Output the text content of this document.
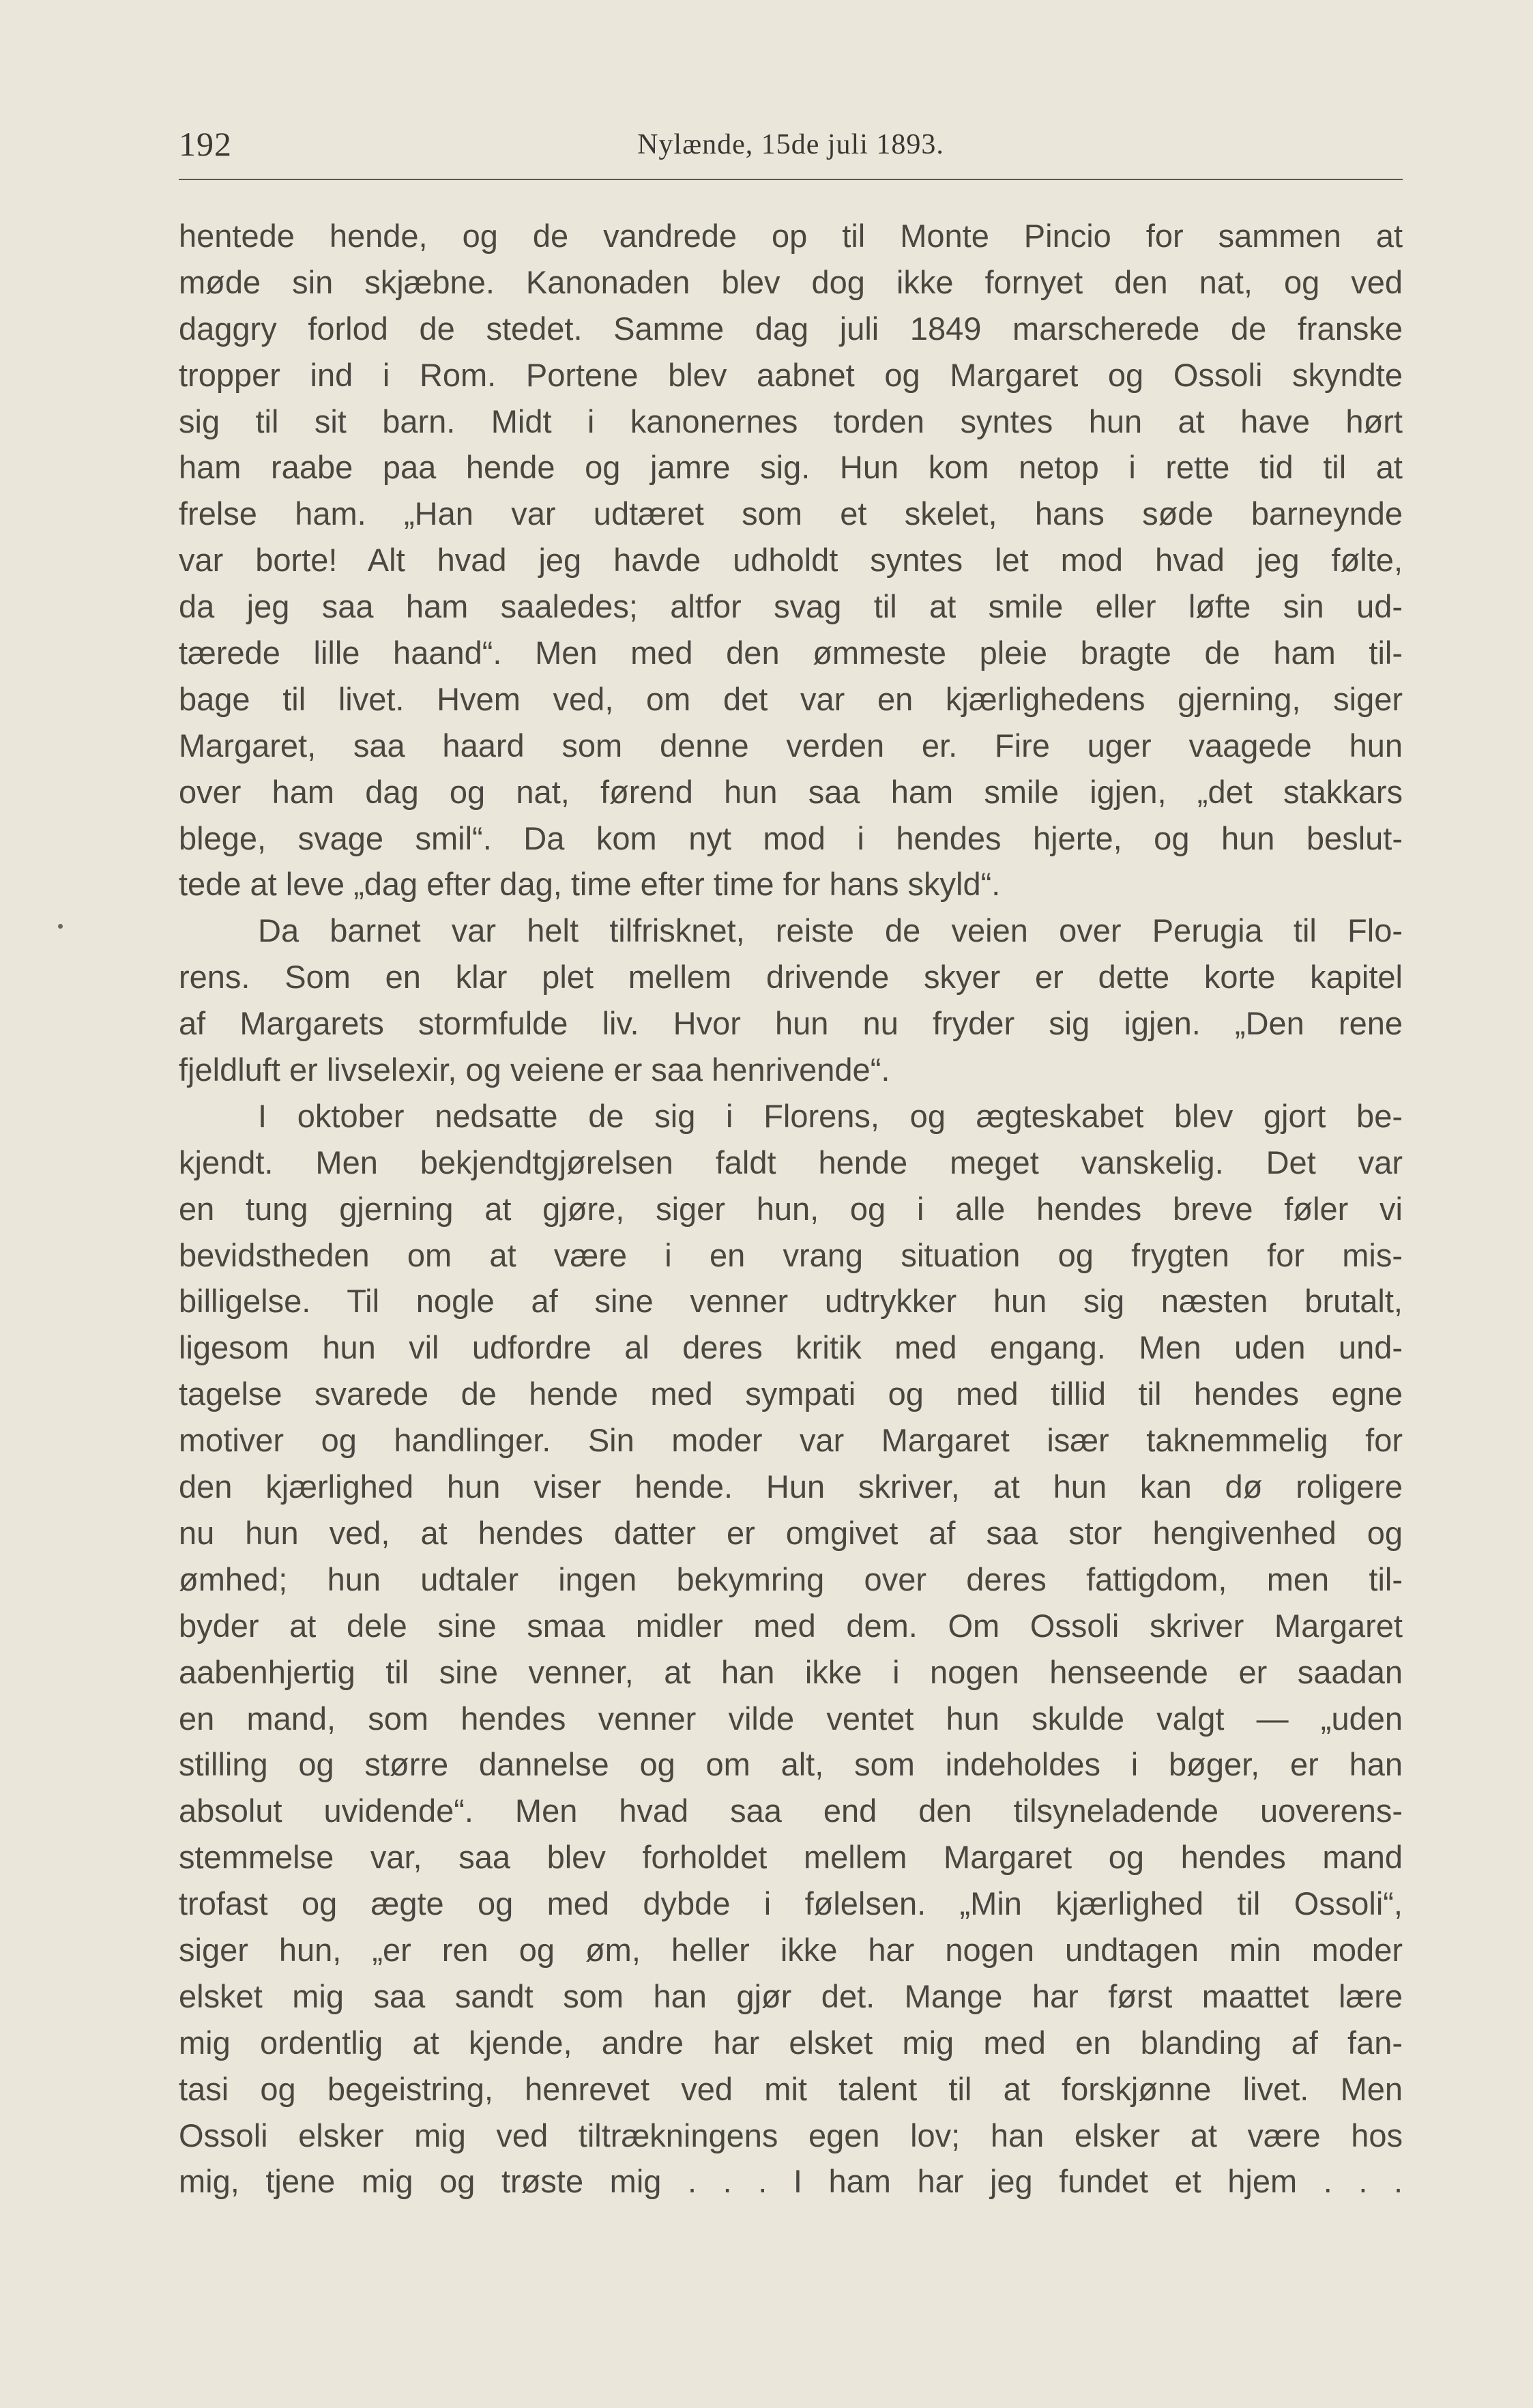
192	Nylænde, 15de juli 1893.
hentede hende, og de vandrede op til Monte Pincio for sammen at
møde sin skjæbne. Kanonaden blev dog ikke fornyet den nat, og ved
daggry forlod de stedet. Samme dag juli 1849 marscherede de franske
tropper ind i Rom. Portene blev aabnet og Margaret og Ossoli skyndte
sig til sit barn. Midt i kanonernes torden syntes hun at have hørt
ham raabe paa hende og jamre sig. Hun kom netop i rette tid til at
frelse ham. „Han var udtæret som et skelet, hans søde barneynde
var borte! Alt hvad jeg havde udholdt syntes let mod hvad jeg følte,
da jeg saa ham saaledes; altfor svag til at smile eller løfte sin ud-
tærede lille haand“. Men med den ømmeste pleie bragte de ham til-
bage til livet. Hvem ved, om det var en kjærlighedens gjerning, siger
Margaret, saa haard som denne verden er. Fire uger vaagede hun
over ham dag og nat, førend hun saa ham smile igjen, „det stakkars
blege, svage smil“. Da kom nyt mod i hendes hjerte, og hun beslut-
tede at leve „dag efter dag, time efter time for hans skyld“.
Da barnet var helt tilfrisknet, reiste de veien over Perugia til Flo-
rens. Som en klar plet mellem drivende skyer er dette korte kapitel
af Margarets stormfulde liv. Hvor hun nu fryder sig igjen. „Den rene
fjeldluft er livselexir, og veiene er saa henrivende“.
I oktober nedsatte de sig i Florens, og ægteskabet blev gjort be-
kjendt. Men bekjendtgjørelsen faldt hende meget vanskelig. Det var
en tung gjerning at gjøre, siger hun, og i alle hendes breve føler vi
bevidstheden om at være i en vrang situation og frygten for mis-
billigelse. Til nogle af sine venner udtrykker hun sig næsten brutalt,
ligesom hun vil udfordre al deres kritik med engang. Men uden und-
tagelse svarede de hende med sympati og med tillid til hendes egne
motiver og handlinger. Sin moder var Margaret især taknemmelig for
den kjærlighed hun viser hende. Hun skriver, at hun kan dø roligere
nu hun ved, at hendes datter er omgivet af saa stor hengivenhed og
ømhed; hun udtaler ingen bekymring over deres fattigdom, men til-
byder at dele sine smaa midler med dem. Om Ossoli skriver Margaret
aabenhjertig til sine venner, at han ikke i nogen henseende er saadan
en mand, som hendes venner vilde ventet hun skulde valgt — „uden
stilling og større dannelse og om alt, som indeholdes i bøger, er han
absolut uvidende“. Men hvad saa end den tilsyneladende uoverens-
stemmelse var, saa blev forholdet mellem Margaret og hendes mand
trofast og ægte og med dybde i følelsen. „Min kjærlighed til Ossoli“,
siger hun, „er ren og øm, heller ikke har nogen undtagen min moder
elsket mig saa sandt som han gjør det. Mange har først maattet lære
mig ordentlig at kjende, andre har elsket mig med en blanding af fan-
tasi og begeistring, henrevet ved mit talent til at forskjønne livet. Men
Ossoli elsker mig ved tiltrækningens egen lov; han elsker at være hos
mig, tjene mig og trøste mig . . . I ham har jeg fundet et hjem . . .
